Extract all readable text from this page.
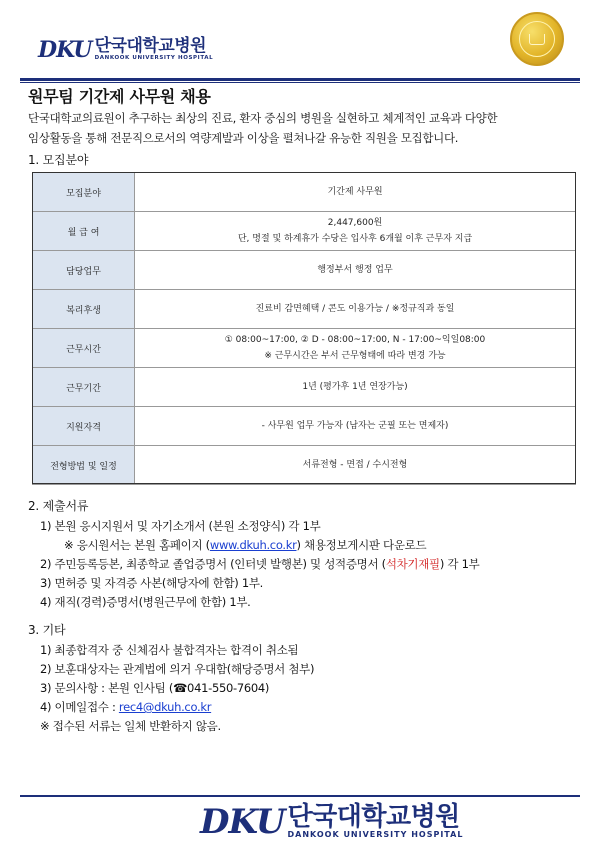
DKU 단국대학교병원
DANKOOK UNIVERSITY HOSPITAL
원무팀 기간제 사무원 채용
단국대학교의료원이 추구하는 최상의 진료, 환자 중심의 병원을 실현하고 체계적인 교육과 다양한
임상활동을 통해 전문직으로서의 역량계발과 이상을 펼쳐나갈 유능한 직원을 모집합니다.
1. 모집분야
모집분야	기간제 사무원

월 급 여	2,447,600원
단, 명절 및 하계휴가 수당은 입사후 6개월 이후 근무자 지급

담당업무	행정부서 행정 업무

복리후생	진료비 감면혜택 / 콘도 이용가능 / ※정규직과 동일

근무시간	① 08:00~17:00, ② D - 08:00~17:00, N - 17:00~익일08:00
※ 근무시간은 부서 근무형태에 따라 변경 가능

근무기간	1년 (평가후 1년 연장가능)

지원자격	- 사무원 업무 가능자 (남자는 군필 또는 면제자)

전형방법 및 일정	서류전형 - 면접 / 수시전형
2. 제출서류
1) 본원 응시지원서 및 자기소개서 (본원 소정양식) 각 1부
※ 응시원서는 본원 홈페이지 (www.dkuh.co.kr) 채용정보게시판 다운로드
2) 주민등록등본, 최종학교 졸업증명서 (인터넷 발행본) 및 성적증명서 (석차기재필) 각 1부
3) 면허증 및 자격증 사본(해당자에 한함) 1부.
4) 재직(경력)증명서(병원근무에 한함) 1부.
3. 기타
1) 최종합격자 중 신체검사 불합격자는 합격이 취소됨
2) 보훈대상자는 관계법에 의거 우대함(해당증명서 첨부)
3) 문의사항 : 본원 인사팀 (☎041-550-7604)
4) 이메일접수 : rec4@dkuh.co.kr
※ 접수된 서류는 일체 반환하지 않음.
DKU 단국대학교병원
DANKOOK UNIVERSITY HOSPITAL
